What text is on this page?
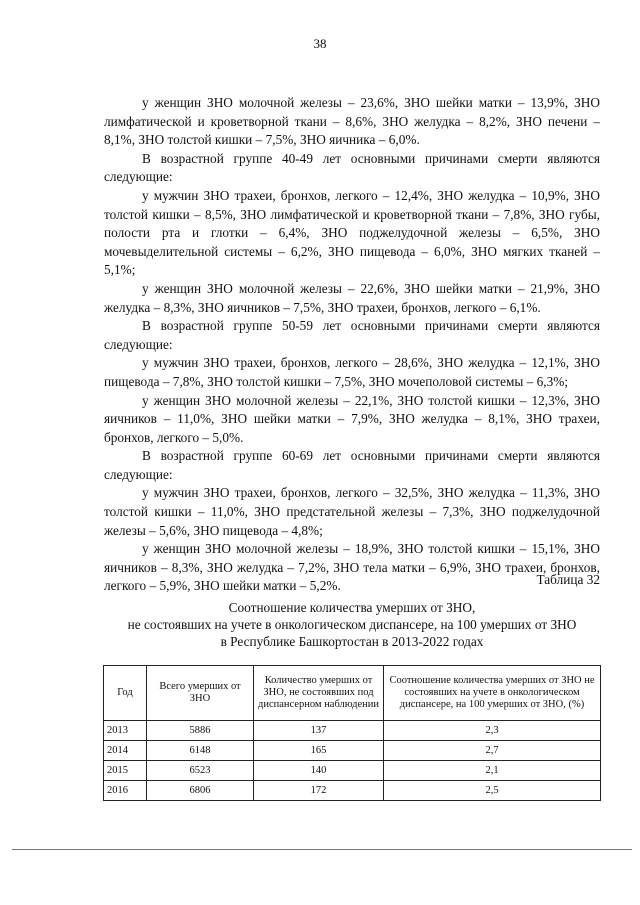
38

у женщин ЗНО молочной железы – 23,6%, ЗНО шейки матки – 13,9%, ЗНО лимфатической и кроветворной ткани – 8,6%, ЗНО желудка – 8,2%, ЗНО печени – 8,1%, ЗНО толстой кишки – 7,5%, ЗНО яичника – 6,0%.

В возрастной группе 40-49 лет основными причинами смерти являются следующие:

у мужчин ЗНО трахеи, бронхов, легкого – 12,4%, ЗНО желудка – 10,9%, ЗНО толстой кишки – 8,5%, ЗНО лимфатической и кроветворной ткани – 7,8%, ЗНО губы, полости рта и глотки – 6,4%, ЗНО поджелудочной железы – 6,5%, ЗНО мочевыделительной системы – 6,2%, ЗНО пищевода – 6,0%, ЗНО мягких тканей – 5,1%;

у женщин ЗНО молочной железы – 22,6%, ЗНО шейки матки – 21,9%, ЗНО желудка – 8,3%, ЗНО яичников – 7,5%, ЗНО трахеи, бронхов, легкого – 6,1%.

В возрастной группе 50-59 лет основными причинами смерти являются следующие:

у мужчин ЗНО трахеи, бронхов, легкого – 28,6%, ЗНО желудка – 12,1%, ЗНО пищевода – 7,8%, ЗНО толстой кишки – 7,5%, ЗНО мочеполовой системы – 6,3%;

у женщин ЗНО молочной железы – 22,1%, ЗНО толстой кишки – 12,3%, ЗНО яичников – 11,0%, ЗНО шейки матки – 7,9%, ЗНО желудка – 8,1%, ЗНО трахеи, бронхов, легкого – 5,0%.

В возрастной группе 60-69 лет основными причинами смерти являются следующие:

у мужчин ЗНО трахеи, бронхов, легкого – 32,5%, ЗНО желудка – 11,3%, ЗНО толстой кишки – 11,0%, ЗНО предстательной железы – 7,3%, ЗНО поджелудочной железы – 5,6%, ЗНО пищевода – 4,8%;

у женщин ЗНО молочной железы – 18,9%, ЗНО толстой кишки – 15,1%, ЗНО яичников – 8,3%, ЗНО желудка – 7,2%, ЗНО тела матки – 6,9%, ЗНО трахеи, бронхов, легкого – 5,9%, ЗНО шейки матки – 5,2%.	Таблица 32
Соотношение количества умерших от ЗНО,
не состоявших на учете в онкологическом диспансере, на 100 умерших от ЗНО
в Республике Башкортостан в 2013-2022 годах
Год	Всего умерших от ЗНО	Количество умерших от ЗНО, не состоявших под диспансерном наблюдении	Соотношение количества умерших от ЗНО не состоявших на учете в онкологическом диспансере, на 100 умерших от ЗНО, (%)
2013	5886	137	2,3
2014	6148	165	2,7
2015	6523	140	2,1
2016	6806	172	2,5
